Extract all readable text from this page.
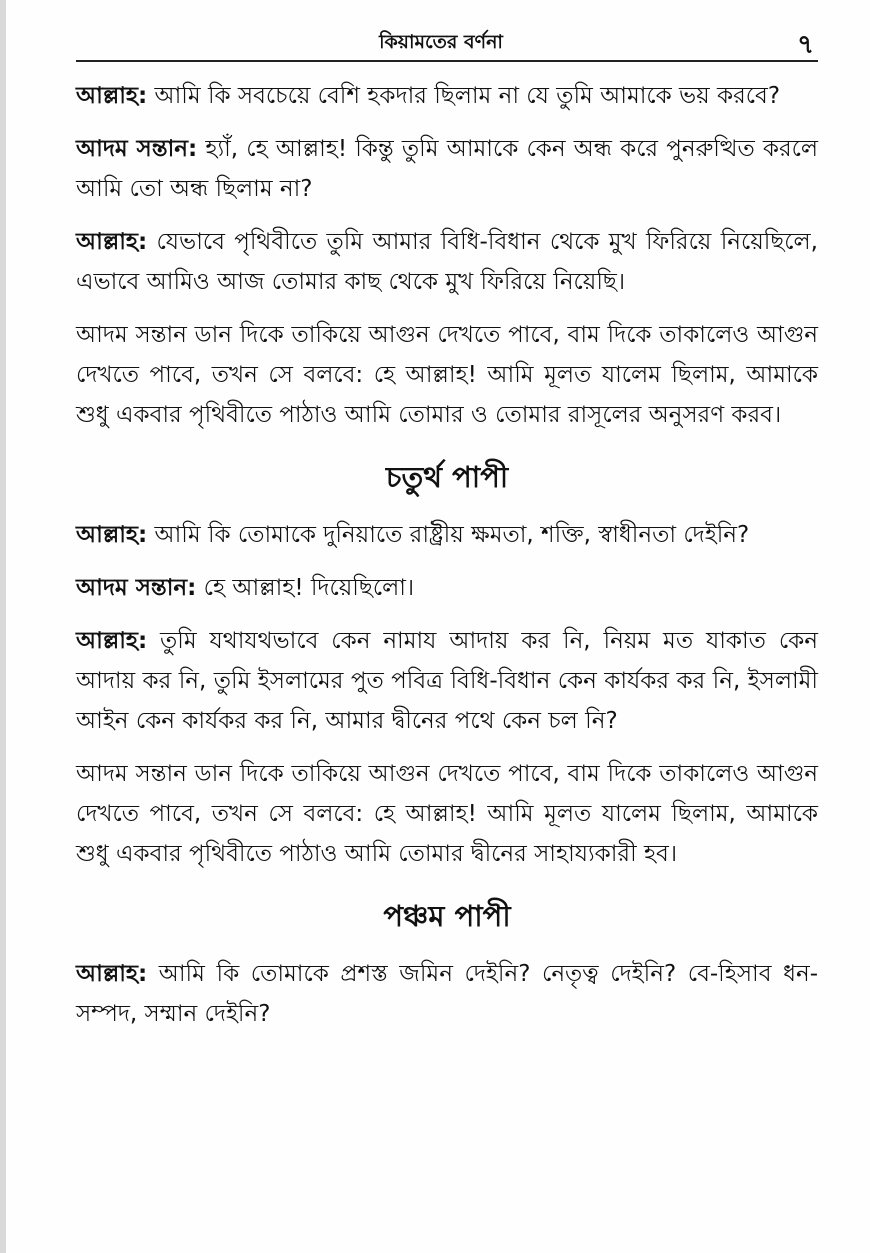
কিয়ামতের বর্ণনা	৭

আল্লাহ: আমি কি সবচেয়ে বেশি হকদার ছিলাম না যে তুমি আমাকে ভয় করবে?

আদম সন্তান: হ্যাঁ, হে আল্লাহ! কিন্তু তুমি আমাকে কেন অন্ধ করে পুনরুত্থিত করলে আমি তো অন্ধ ছিলাম না?

আল্লাহ: যেভাবে পৃথিবীতে তুমি আমার বিধি-বিধান থেকে মুখ ফিরিয়ে নিয়েছিলে, এভাবে আমিও আজ তোমার কাছ থেকে মুখ ফিরিয়ে নিয়েছি।

আদম সন্তান ডান দিকে তাকিয়ে আগুন দেখতে পাবে, বাম দিকে তাকালেও আগুন দেখতে পাবে, তখন সে বলবে: হে আল্লাহ! আমি মূলত যালেম ছিলাম, আমাকে শুধু একবার পৃথিবীতে পাঠাও আমি তোমার ও তোমার রাসূলের অনুসরণ করব।

চতুর্থ পাপী

আল্লাহ: আমি কি তোমাকে দুনিয়াতে রাষ্ট্রীয় ক্ষমতা, শক্তি, স্বাধীনতা দেইনি?

আদম সন্তান: হে আল্লাহ! দিয়েছিলো।

আল্লাহ: তুমি যথাযথভাবে কেন নামায আদায় কর নি, নিয়ম মত যাকাত কেন আদায় কর নি, তুমি ইসলামের পুত পবিত্র বিধি-বিধান কেন কার্যকর কর নি, ইসলামী আইন কেন কার্যকর কর নি, আমার দ্বীনের পথে কেন চল নি?

আদম সন্তান ডান দিকে তাকিয়ে আগুন দেখতে পাবে, বাম দিকে তাকালেও আগুন দেখতে পাবে, তখন সে বলবে: হে আল্লাহ! আমি মূলত যালেম ছিলাম, আমাকে শুধু একবার পৃথিবীতে পাঠাও আমি তোমার দ্বীনের সাহায্যকারী হব।

পঞ্চম পাপী

আল্লাহ: আমি কি তোমাকে প্রশস্ত জমিন দেইনি? নেতৃত্ব দেইনি? বে-হিসাব ধন-সম্পদ, সম্মান দেইনি?
